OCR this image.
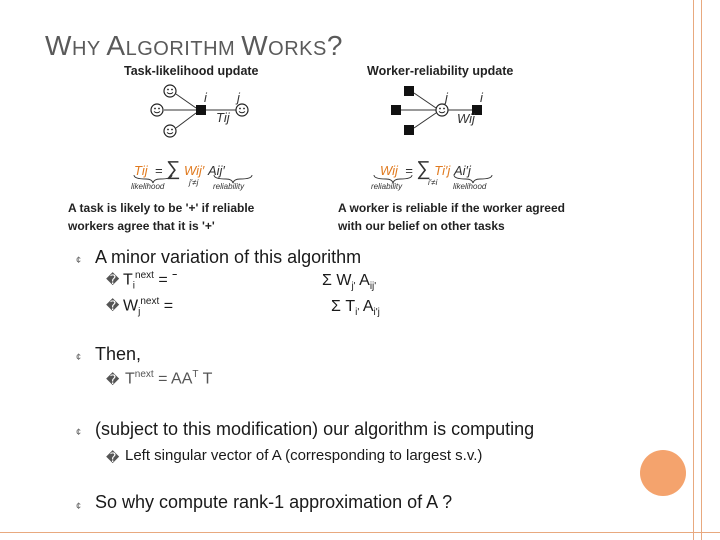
WHY ALGORITHM WORKS?
Task-likelihood update	Worker-reliability update
i j
Tij
j i
Wij
Tij = ∑ Wij′ Aij′
j′≠j
likelihood	reliability
Wij = ∑ Ti′j Ai′j
i′≠i
reliability	likelihood
A task is likely to be '+' if reliable
workers agree that it is '+'
A worker is reliable if the worker agreed
with our belief on other tasks
¢ A minor variation of this algorithm
� $T_i^{next}$ = ˉ	Σ $W_{j'}$ $A_{ij'}$
� $W_j^{next}$ =	Σ $T_{i'}$ $A_{i'j}$
¢ Then,
� $T^{next} = AA^T$ T
¢ (subject to this modification) our algorithm is computing
� Left singular vector of A (corresponding to largest s.v.)
¢ So why compute rank-1 approximation of A ?
